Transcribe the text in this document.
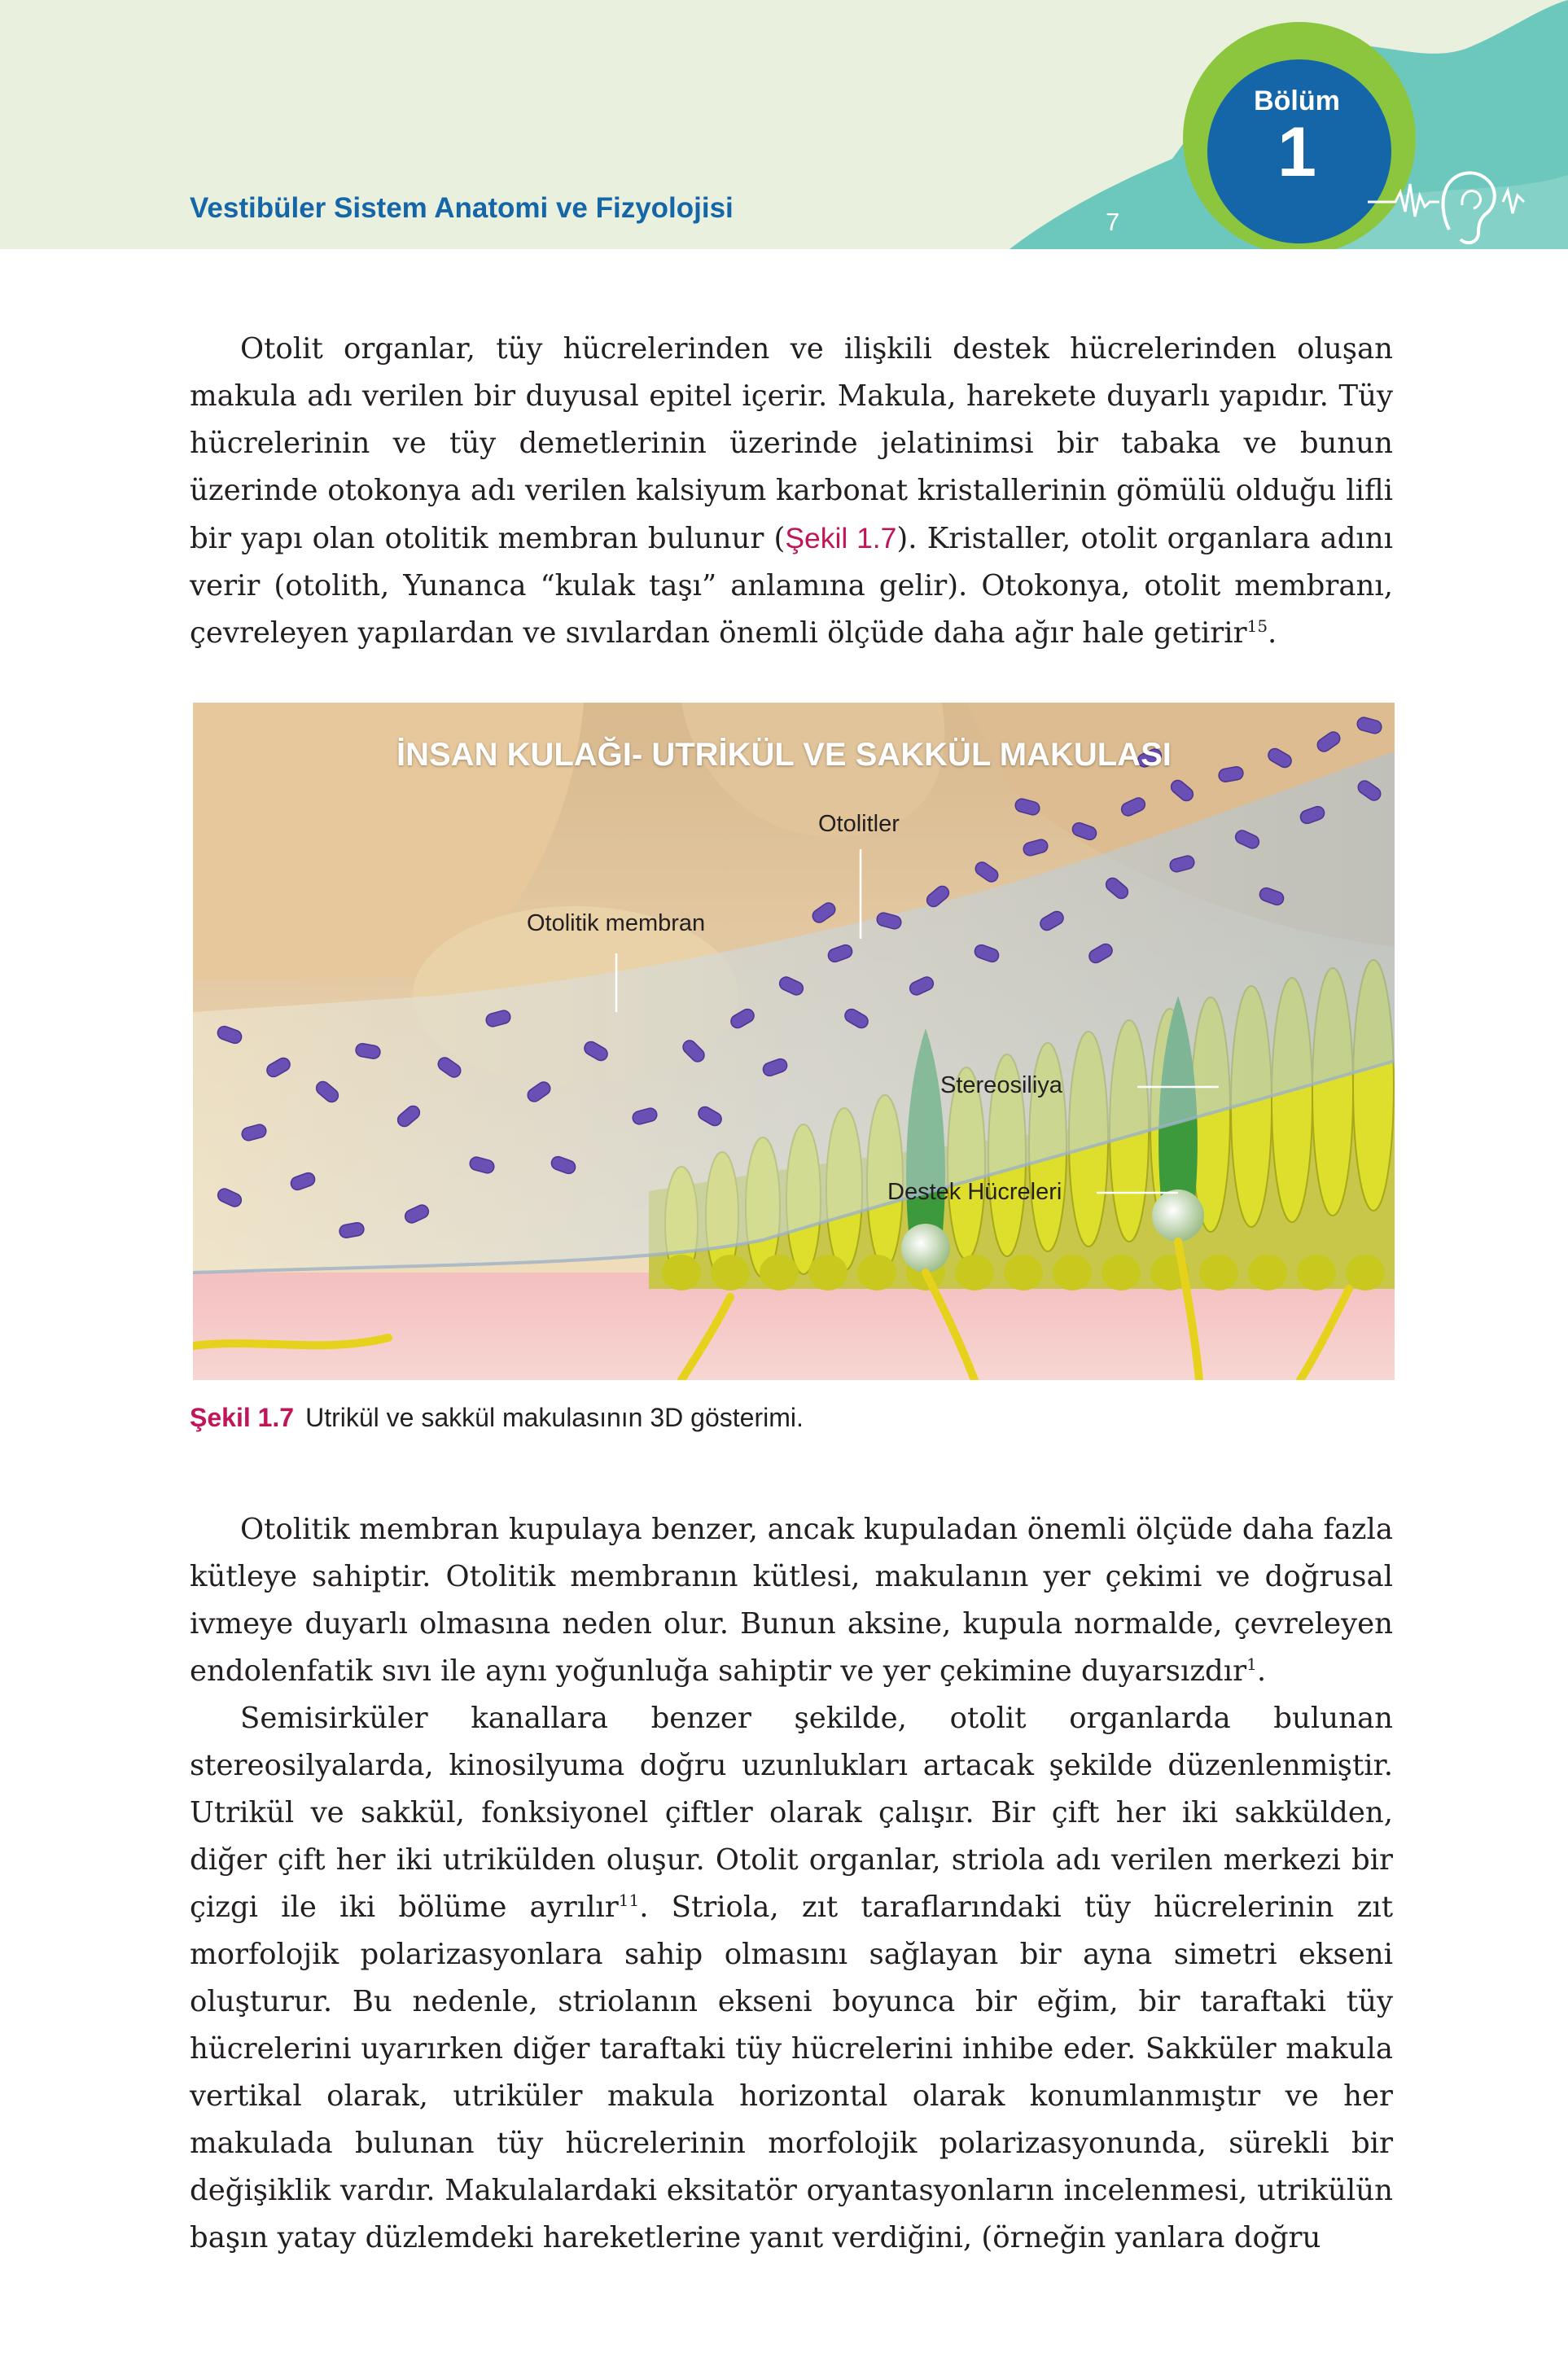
Vestibüler Sistem Anatomi ve Fizyolojisi	7
Bölüm
1

Otolit organlar, tüy hücrelerinden ve ilişkili destek hücrelerinden oluşan makula adı verilen bir duyusal epitel içerir. Makula, harekete duyarlı yapıdır. Tüy hücrelerinin ve tüy demetlerinin üzerinde jelatinimsi bir tabaka ve bunun üzerinde otokonya adı verilen kalsiyum karbonat kristallerinin gömülü olduğu lifli bir yapı olan otolitik membran bulunur (Şekil 1.7). Kristaller, otolit organlara adını verir (otolith, Yunanca “kulak taşı” anlamına gelir). Otokonya, otolit membranı, çevreleyen yapılardan ve sıvılardan önemli ölçüde daha ağır hale getirir$^{15}$.

İNSAN KULAĞI- UTRİKÜL VE SAKKÜL MAKULASI
Otolitler
Otolitik membran
Stereosiliya
Destek Hücreleri
Şekil 1.7 Utrikül ve sakkül makulasının 3D gösterimi.

Otolitik membran kupulaya benzer, ancak kupuladan önemli ölçüde daha fazla kütleye sahiptir. Otolitik membranın kütlesi, makulanın yer çekimi ve doğrusal ivmeye duyarlı olmasına neden olur. Bunun aksine, kupula normalde, çevreleyen endolenfatik sıvı ile aynı yoğunluğa sahiptir ve yer çekimine duyarsızdır$^1$.

Semisirküler kanallara benzer şekilde, otolit organlarda bulunan stereosilyalarda, kinosilyuma doğru uzunlukları artacak şekilde düzenlenmiştir. Utrikül ve sakkül, fonksiyonel çiftler olarak çalışır. Bir çift her iki sakkülden, diğer çift her iki utrikülden oluşur. Otolit organlar, striola adı verilen merkezi bir çizgi ile iki bölüme ayrılır$^{11}$. Striola, zıt taraflarındaki tüy hücrelerinin zıt morfolojik polarizasyonlara sahip olmasını sağlayan bir ayna simetri ekseni oluşturur. Bu nedenle, striolanın ekseni boyunca bir eğim, bir taraftaki tüy hücrelerini uyarırken diğer taraftaki tüy hücrelerini inhibe eder. Sakküler makula vertikal olarak, utriküler makula horizontal olarak konumlanmıştır ve her makulada bulunan tüy hücrelerinin morfolojik polarizasyonunda, sürekli bir değişiklik vardır. Makulalardaki eksitatör oryantasyonların incelenmesi, utrikülün başın yatay düzlemdeki hareketlerine yanıt verdiğini, (örneğin yanlara doğru
